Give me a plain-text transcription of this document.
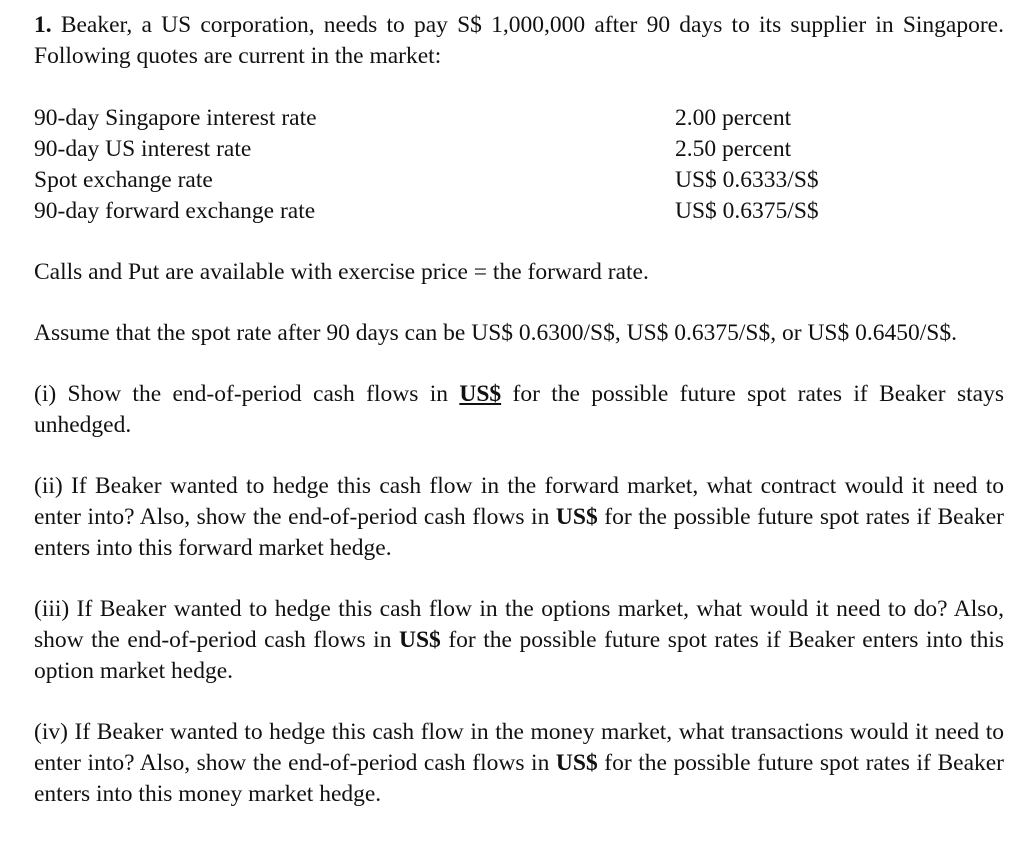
1. Beaker, a US corporation, needs to pay S$ 1,000,000 after 90 days to its supplier in Singapore. Following quotes are current in the market:

90-day Singapore interest rate	2.00 percent
90-day US interest rate	2.50 percent
Spot exchange rate	US$ 0.6333/S$
90-day forward exchange rate	US$ 0.6375/S$

Calls and Put are available with exercise price = the forward rate.

Assume that the spot rate after 90 days can be US$ 0.6300/S$, US$ 0.6375/S$, or US$ 0.6450/S$.

(i) Show the end-of-period cash flows in US$ for the possible future spot rates if Beaker stays unhedged.

(ii) If Beaker wanted to hedge this cash flow in the forward market, what contract would it need to enter into? Also, show the end-of-period cash flows in US$ for the possible future spot rates if Beaker enters into this forward market hedge.

(iii) If Beaker wanted to hedge this cash flow in the options market, what would it need to do? Also, show the end-of-period cash flows in US$ for the possible future spot rates if Beaker enters into this option market hedge.

(iv) If Beaker wanted to hedge this cash flow in the money market, what transactions would it need to enter into? Also, show the end-of-period cash flows in US$ for the possible future spot rates if Beaker enters into this money market hedge.
